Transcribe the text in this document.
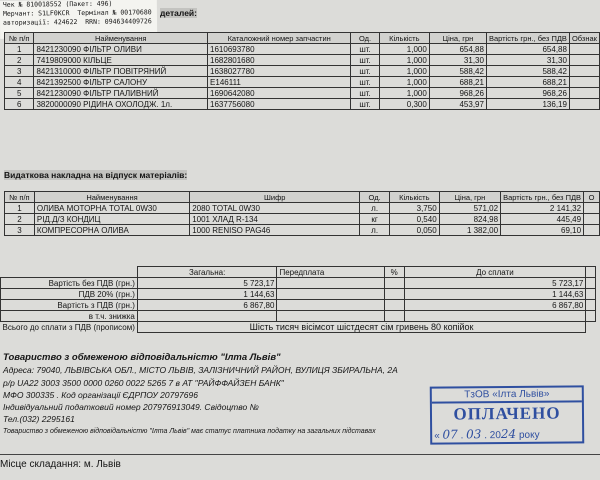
Чек № 810018552 (Пакет: 496)
Мерчант: S1LF0KCR Термінал № 00170680
авторизації: 424622 RRN: 094634409726
деталей:
№ п/п	Найменування	Каталожний номер запчастин	Од.	Кількість	Ціна, грн	Вартість грн., без ПДВ	Обзнак
1	8421230090 ФІЛЬТР ОЛИВИ	1610693780	шт.	1,000	654,88	654,88	
2	7419809000 КІЛЬЦЕ	1682801680	шт.	1,000	31,30	31,30	
3	8421310000 ФІЛЬТР ПОВІТРЯНИЙ	1638027780	шт.	1,000	588,42	588,42	
4	8421392500 ФІЛЬТР САЛОНУ	E146111	шт.	1,000	688,21	688,21	
5	8421230090 ФІЛЬТР ПАЛИВНИЙ	1690642080	шт.	1,000	968,26	968,26	
6	3820000090 РІДИНА ОХОЛОДЖ. 1л.	1637756080	шт.	0,300	453,97	136,19	
Видаткова накладна на відпуск матеріалів:
№ п/п	Найменування	Шифр	Од.	Кількість	Ціна, грн	Вартість грн., без ПДВ	О
1	ОЛИВА МОТОРНА TOTAL 0W30	2080 TOTAL 0W30	л.	3,750	571,02	2 141,32	
2	РІД.Д/З КОНДИЦ	1001 ХЛАД R-134	кг	0,540	824,98	445,49	
3	КОМПРЕСОРНА ОЛИВА	1000 RENISO PAG46	л.	0,050	1 382,00	69,10	
	Загальна:	Передплата	%	До сплати	
Вартість без ПДВ (грн.)	5 723,17			5 723,17	
ПДВ 20% (грн.)	1 144,63			1 144,63	
Вартість з ПДВ (грн.)	6 867,80			6 867,80	
в т.ч. знижка					
Всього до сплати з ПДВ (прописом)	Шість тисяч вісімсот шістдесят сім гривень 80 копійок				
Товариство з обмеженою відповідальністю "Ілта Львів"
Адреса: 79040, ЛЬВІВСЬКА ОБЛ., МІСТО ЛЬВІВ, ЗАЛІЗНИЧНИЙ РАЙОН, ВУЛИЦЯ ЗБИРАЛЬНА, 2А
р/р UA22 3003 3500 0000 0260 0022 5265 7 в АТ "РАЙФФАЙЗЕН БАНК"
МФО 300335 . Код організації ЄДРПОУ 20797696
Індивідуальний податковий номер 207976913049. Свідоцтво №
Тел.(032) 2295161
Товариство з обмеженою відповідальністю "Ілта Львів" має статус платника податку на загальних підставах
Місце складання: м. Львів
ТзОВ «Ілта Львів»
ОПЛАЧЕНО
« 07 . 03 . 2024 року
